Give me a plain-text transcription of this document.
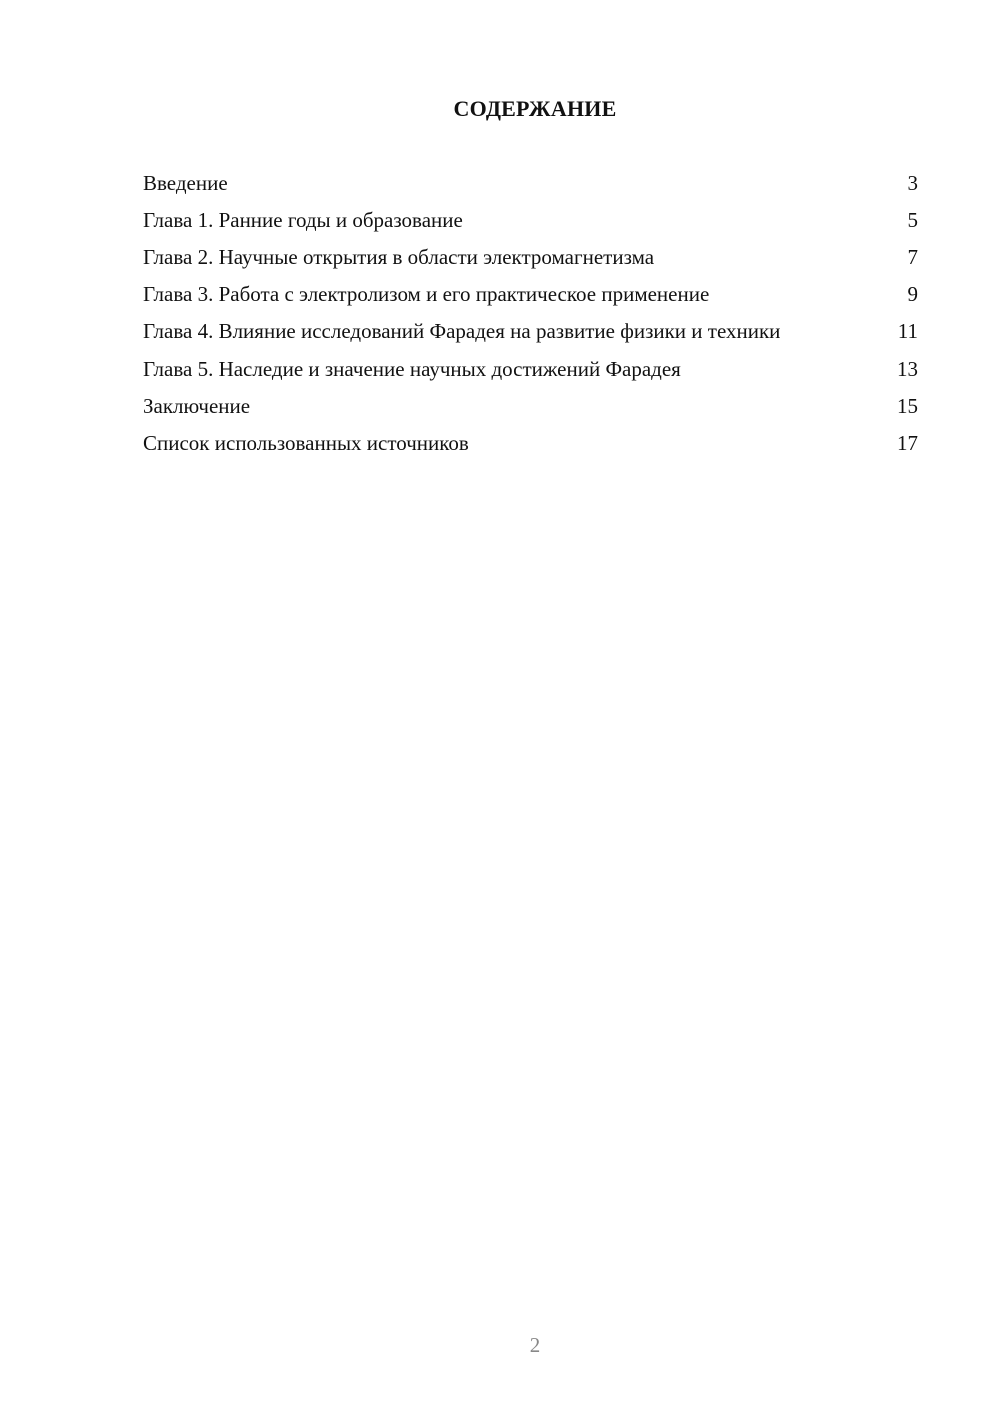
СОДЕРЖАНИЕ
Введение	3
Глава 1. Ранние годы и образование	5
Глава 2. Научные открытия в области электромагнетизма	7
Глава 3. Работа с электролизом и его практическое применение	9
Глава 4. Влияние исследований Фарадея на развитие физики и техники	11
Глава 5. Наследие и значение научных достижений Фарадея	13
Заключение	15
Список использованных источников	17
2
